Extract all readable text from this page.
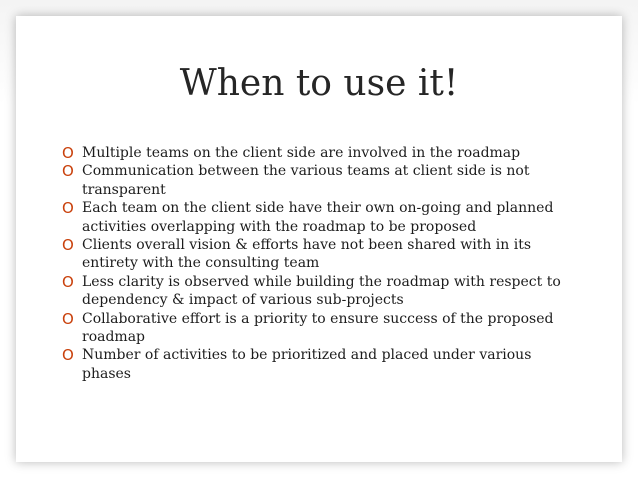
When to use it!
O Multiple teams on the client side are involved in the roadmap
O Communication between the various teams at client side is not transparent
O Each team on the client side have their own on-going and planned activities overlapping with the roadmap to be proposed
O Clients overall vision & efforts have not been shared with in its entirety with the consulting team
O Less clarity is observed while building the roadmap with respect to dependency & impact of various sub-projects
O Collaborative effort is a priority to ensure success of the proposed roadmap
O Number of activities to be prioritized and placed under various phases
